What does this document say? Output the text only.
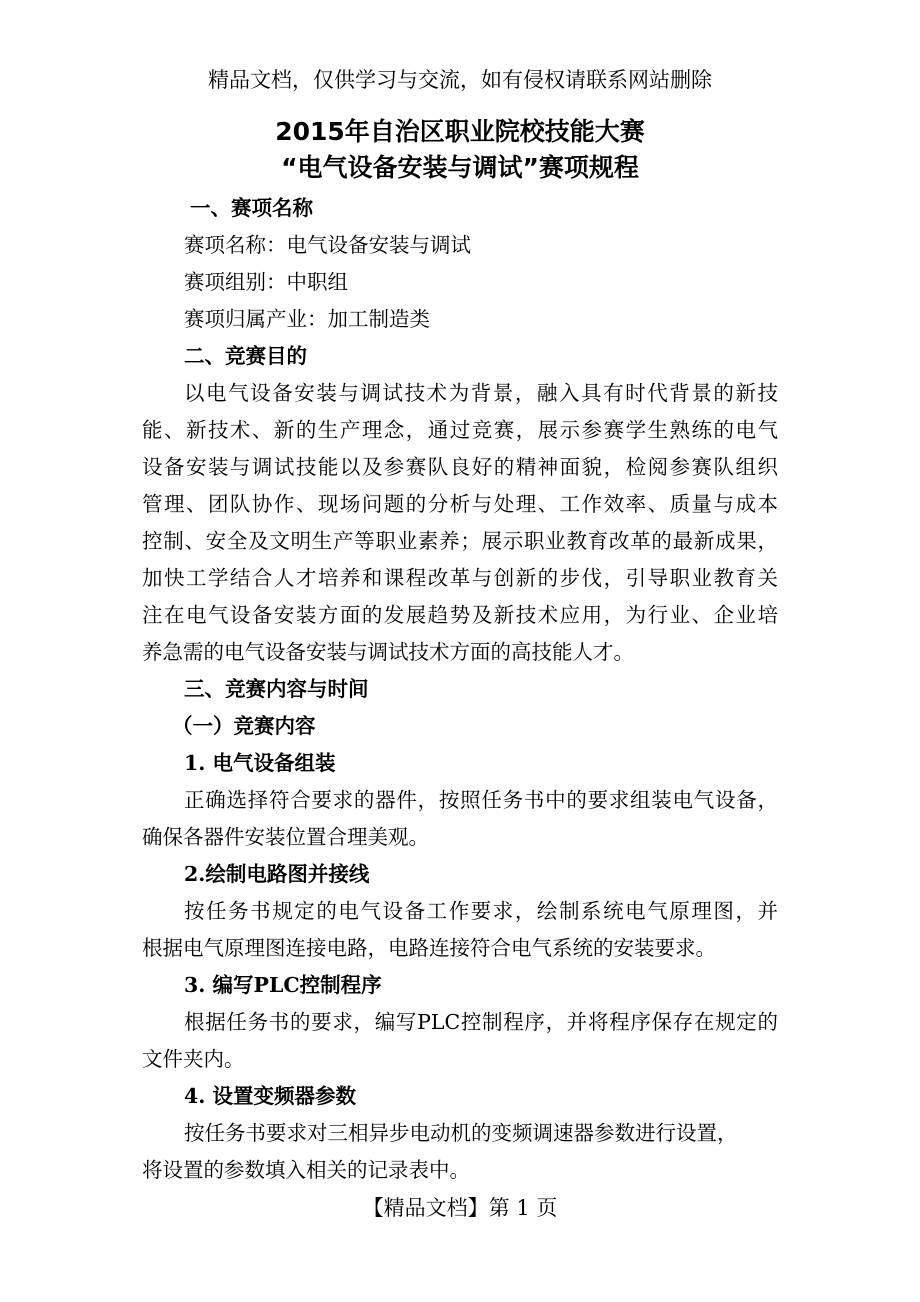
精品文档，仅供学习与交流，如有侵权请联系网站删除
2015年自治区职业院校技能大赛
“电气设备安装与调试”赛项规程
一、赛项名称
赛项名称：电气设备安装与调试
赛项组别：中职组
赛项归属产业：加工制造类
二、竞赛目的
以电气设备安装与调试技术为背景，融入具有时代背景的新技
能、新技术、新的生产理念，通过竞赛，展示参赛学生熟练的电气
设备安装与调试技能以及参赛队良好的精神面貌，检阅参赛队组织
管理、团队协作、现场问题的分析与处理、工作效率、质量与成本
控制、安全及文明生产等职业素养；展示职业教育改革的最新成果，
加快工学结合人才培养和课程改革与创新的步伐，引导职业教育关
注在电气设备安装方面的发展趋势及新技术应用，为行业、企业培
养急需的电气设备安装与调试技术方面的高技能人才。
三、竞赛内容与时间
（一）竞赛内容
1. 电气设备组装
正确选择符合要求的器件，按照任务书中的要求组装电气设备，
确保各器件安装位置合理美观。
2.绘制电路图并接线
按任务书规定的电气设备工作要求，绘制系统电气原理图，并
根据电气原理图连接电路，电路连接符合电气系统的安装要求。
3. 编写PLC控制程序
根据任务书的要求，编写PLC控制程序，并将程序保存在规定的
文件夹内。
4. 设置变频器参数
按任务书要求对三相异步电动机的变频调速器参数进行设置，
将设置的参数填入相关的记录表中。
【精品文档】第 1 页
